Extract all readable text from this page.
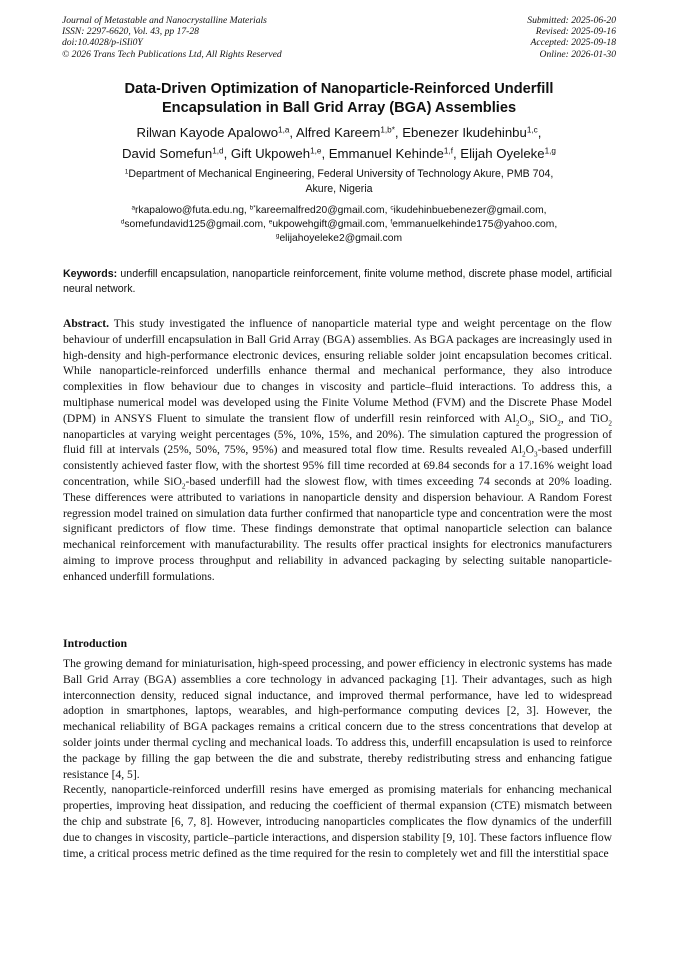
Journal of Metastable and Nanocrystalline Materials
ISSN: 2297-6620, Vol. 43, pp 17-28
doi:10.4028/p-iSIi0Y
© 2026 Trans Tech Publications Ltd, All Rights Reserved
Submitted: 2025-06-20
Revised: 2025-09-16
Accepted: 2025-09-18
Online: 2026-01-30
Data-Driven Optimization of Nanoparticle-Reinforced Underfill
Encapsulation in Ball Grid Array (BGA) Assemblies
Rilwan Kayode Apalowo$^{1,a}$, Alfred Kareem$^{1,b*}$, Ebenezer Ikudehinbu$^{1,c}$,
David Somefun$^{1,d}$, Gift Ukpoweh$^{1,e}$, Emmanuel Kehinde$^{1,f}$, Elijah Oyeleke$^{1,g}$
$^1$Department of Mechanical Engineering, Federal University of Technology Akure, PMB 704,
Akure, Nigeria
$^a$rkapalowo@futa.edu.ng, $^{b*}$kareemalfred20@gmail.com, $^c$ikudehinbuebenezer@gmail.com,
$^d$somefundavid125@gmail.com, $^e$ukpowehgift@gmail.com, $^f$emmanuelkehinde175@yahoo.com,
$^g$elijahoyeleke2@gmail.com
Keywords: underfill encapsulation, nanoparticle reinforcement, finite volume method, discrete phase model, artificial neural network.
Abstract. This study investigated the influence of nanoparticle material type and weight percentage on the flow behaviour of underfill encapsulation in Ball Grid Array (BGA) assemblies. As BGA packages are increasingly used in high-density and high-performance electronic devices, ensuring reliable solder joint encapsulation becomes critical. While nanoparticle-reinforced underfills enhance thermal and mechanical performance, they also introduce complexities in flow behaviour due to changes in viscosity and particle–fluid interactions. To address this, a multiphase numerical model was developed using the Finite Volume Method (FVM) and the Discrete Phase Model (DPM) in ANSYS Fluent to simulate the transient flow of underfill resin reinforced with $Al_2O_3$, SiO$_2$, and TiO$_2$ nanoparticles at varying weight percentages (5%, 10%, 15%, and 20%). The simulation captured the progression of fluid fill at intervals (25%, 50%, 75%, 95%) and measured total flow time. Results revealed $Al_2O_3$-based underfill consistently achieved faster flow, with the shortest 95% fill time recorded at 69.84 seconds for a 17.16% weight load concentration, while SiO$_2$-based underfill had the slowest flow, with times exceeding 74 seconds at 20% loading. These differences were attributed to variations in nanoparticle density and dispersion behaviour. A Random Forest regression model trained on simulation data further confirmed that nanoparticle type and concentration were the most significant predictors of flow time. These findings demonstrate that optimal nanoparticle selection can balance mechanical reinforcement with manufacturability. The results offer practical insights for electronics manufacturers aiming to improve process throughput and reliability in advanced packaging by selecting suitable nanoparticle-enhanced underfill formulations.
Introduction

The growing demand for miniaturisation, high-speed processing, and power efficiency in electronic systems has made Ball Grid Array (BGA) assemblies a core technology in advanced packaging [1]. Their advantages, such as high interconnection density, reduced signal inductance, and improved thermal performance, have led to widespread adoption in smartphones, laptops, wearables, and high-performance computing devices [2, 3]. However, the mechanical reliability of BGA packages remains a critical concern due to the stress concentrations that develop at solder joints under thermal cycling and mechanical loads. To address this, underfill encapsulation is used to reinforce the package by filling the gap between the die and substrate, thereby redistributing stress and enhancing fatigue resistance [4, 5].

Recently, nanoparticle-reinforced underfill resins have emerged as promising materials for enhancing mechanical properties, improving heat dissipation, and reducing the coefficient of thermal expansion (CTE) mismatch between the chip and substrate [6, 7, 8]. However, introducing nanoparticles complicates the flow dynamics of the underfill due to changes in viscosity, particle–particle interactions, and dispersion stability [9, 10]. These factors influence flow time, a critical process metric defined as the time required for the resin to completely wet and fill the interstitial space
